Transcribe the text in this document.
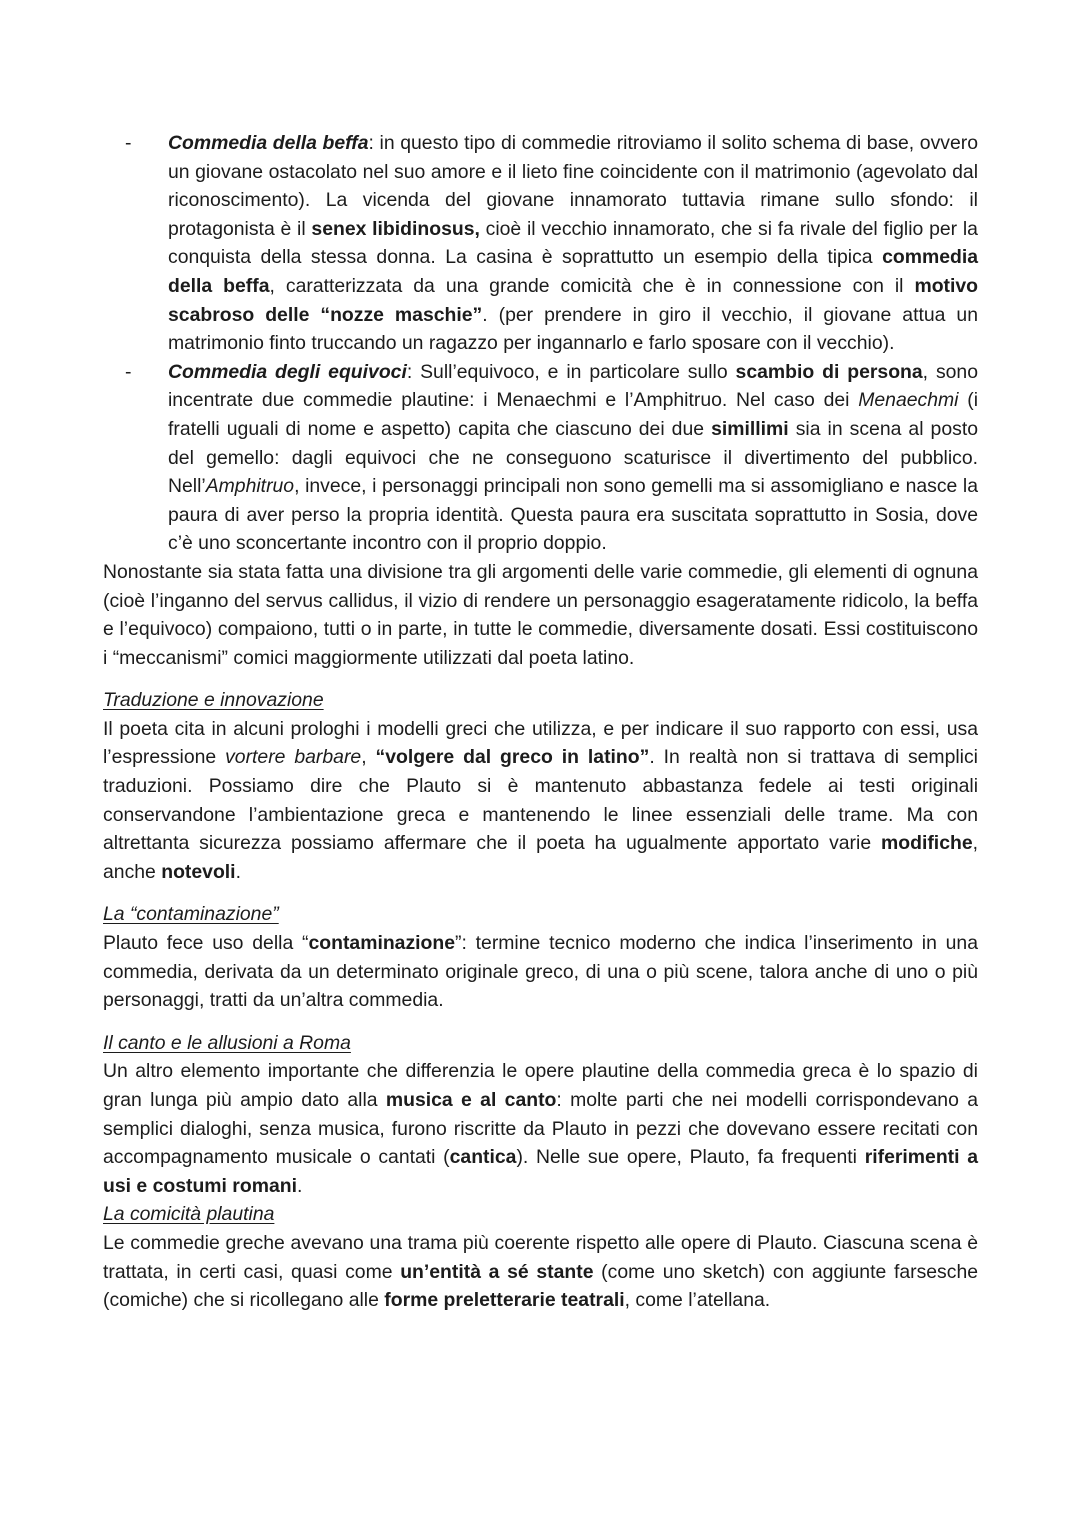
- Commedia della beffa: in questo tipo di commedie ritroviamo il solito schema di base, ovvero un giovane ostacolato nel suo amore e il lieto fine coincidente con il matrimonio (agevolato dal riconoscimento). La vicenda del giovane innamorato tuttavia rimane sullo sfondo: il protagonista è il senex libidinosus, cioè il vecchio innamorato, che si fa rivale del figlio per la conquista della stessa donna. La casina è soprattutto un esempio della tipica commedia della beffa, caratterizzata da una grande comicità che è in connessione con il motivo scabroso delle “nozze maschie”. (per prendere in giro il vecchio, il giovane attua un matrimonio finto truccando un ragazzo per ingannarlo e farlo sposare con il vecchio).
- Commedia degli equivoci: Sull’equivoco, e in particolare sullo scambio di persona, sono incentrate due commedie plautine: i Menaechmi e l’Amphitruo. Nel caso dei Menaechmi (i fratelli uguali di nome e aspetto) capita che ciascuno dei due simillimi sia in scena al posto del gemello: dagli equivoci che ne conseguono scaturisce il divertimento del pubblico. Nell’Amphitruo, invece, i personaggi principali non sono gemelli ma si assomigliano e nasce la paura di aver perso la propria identità. Questa paura era suscitata soprattutto in Sosia, dove c’è uno sconcertante incontro con il proprio doppio.

Nonostante sia stata fatta una divisione tra gli argomenti delle varie commedie, gli elementi di ognuna (cioè l’inganno del servus callidus, il vizio di rendere un personaggio esageratamente ridicolo, la beffa e l’equivoco) compaiono, tutti o in parte, in tutte le commedie, diversamente dosati. Essi costituiscono i “meccanismi” comici maggiormente utilizzati dal poeta latino.

Traduzione e innovazione

Il poeta cita in alcuni prologhi i modelli greci che utilizza, e per indicare il suo rapporto con essi, usa l’espressione vortere barbare, “volgere dal greco in latino”. In realtà non si trattava di semplici traduzioni. Possiamo dire che Plauto si è mantenuto abbastanza fedele ai testi originali conservandone l’ambientazione greca e mantenendo le linee essenziali delle trame. Ma con altrettanta sicurezza possiamo affermare che il poeta ha ugualmente apportato varie modifiche, anche notevoli.

La “contaminazione”

Plauto fece uso della “contaminazione”: termine tecnico moderno che indica l’inserimento in una commedia, derivata da un determinato originale greco, di una o più scene, talora anche di uno o più personaggi, tratti da un’altra commedia.

Il canto e le allusioni a Roma

Un altro elemento importante che differenzia le opere plautine della commedia greca è lo spazio di gran lunga più ampio dato alla musica e al canto: molte parti che nei modelli corrispondevano a semplici dialoghi, senza musica, furono riscritte da Plauto in pezzi che dovevano essere recitati con accompagnamento musicale o cantati (cantica). Nelle sue opere, Plauto, fa frequenti riferimenti a usi e costumi romani.

La comicità plautina

Le commedie greche avevano una trama più coerente rispetto alle opere di Plauto. Ciascuna scena è trattata, in certi casi, quasi come un’entità a sé stante (come uno sketch) con aggiunte farsesche (comiche) che si ricollegano alle forme preletterarie teatrali, come l’atellana.
